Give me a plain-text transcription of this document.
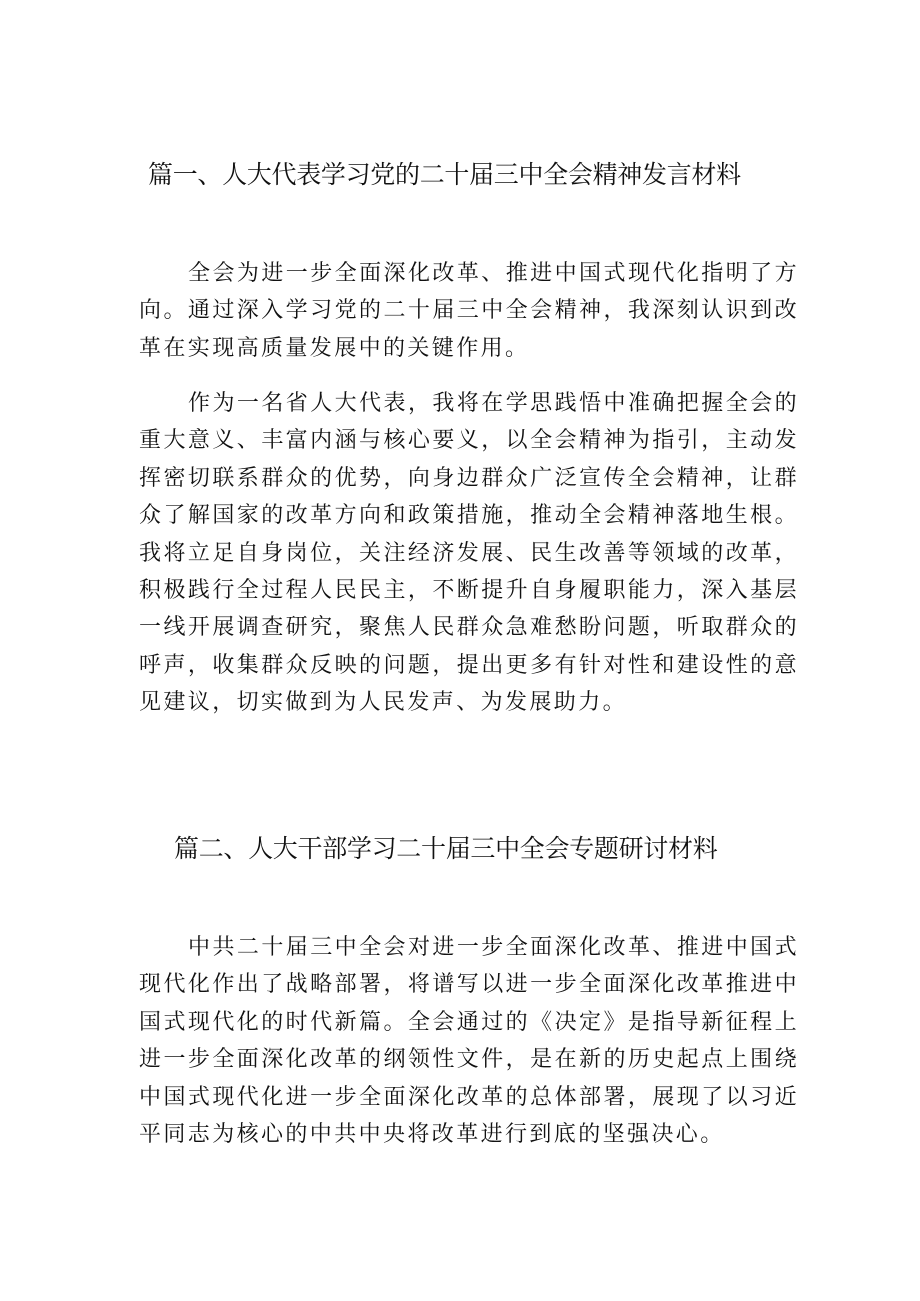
篇一、人大代表学习党的二十届三中全会精神发言材料

全会为进一步全面深化改革、推进中国式现代化指明了方向。通过深入学习党的二十届三中全会精神，我深刻认识到改革在实现高质量发展中的关键作用。

作为一名省人大代表，我将在学思践悟中准确把握全会的重大意义、丰富内涵与核心要义，以全会精神为指引，主动发挥密切联系群众的优势，向身边群众广泛宣传全会精神，让群众了解国家的改革方向和政策措施，推动全会精神落地生根。我将立足自身岗位，关注经济发展、民生改善等领域的改革，积极践行全过程人民民主，不断提升自身履职能力，深入基层一线开展调查研究，聚焦人民群众急难愁盼问题，听取群众的呼声，收集群众反映的问题，提出更多有针对性和建设性的意见建议，切实做到为人民发声、为发展助力。

篇二、人大干部学习二十届三中全会专题研讨材料

中共二十届三中全会对进一步全面深化改革、推进中国式现代化作出了战略部署，将谱写以进一步全面深化改革推进中国式现代化的时代新篇。全会通过的《决定》是指导新征程上进一步全面深化改革的纲领性文件，是在新的历史起点上围绕中国式现代化进一步全面深化改革的总体部署，展现了以习近平同志为核心的中共中央将改革进行到底的坚强决心。
